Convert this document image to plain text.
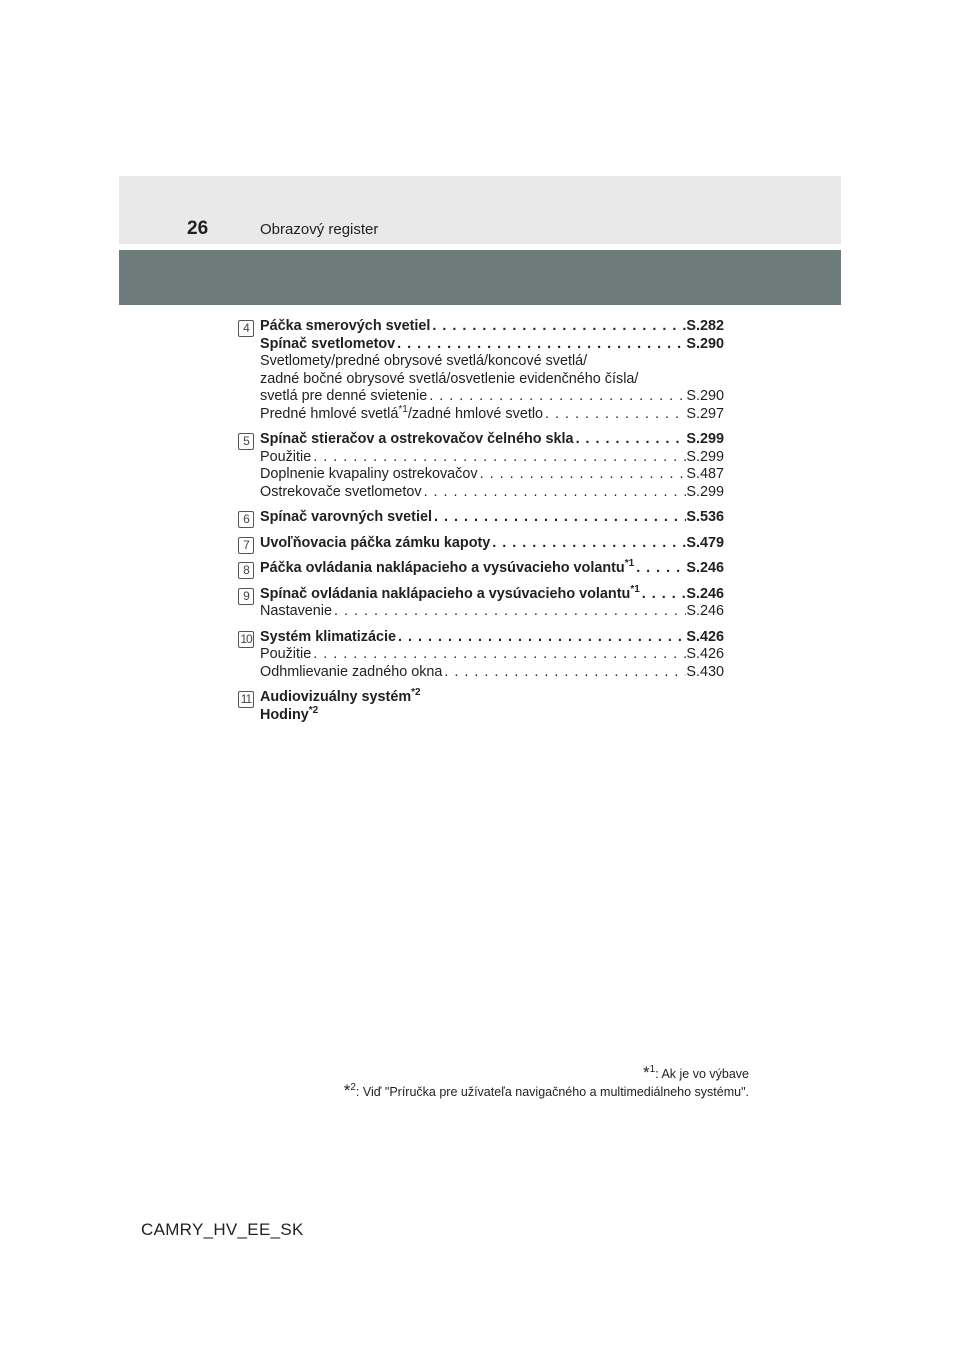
26	Obrazový register
4 Páčka smerových svetiel . . .	S.282
Spínač svetlometov . . .	S.290
Svetlomety/predné obrysové svetlá/koncové svetlá/
zadné bočné obrysové svetlá/osvetlenie evidenčného čísla/
svetlá pre denné svietenie . . .	S.290
Predné hmlové svetlá$^{*1}$/zadné hmlové svetlo . . .	S.297
5 Spínač stieračov a ostrekovačov čelného skla . . .	S.299
Použitie . . .	S.299
Doplnenie kvapaliny ostrekovačov . . .	S.487
Ostrekovače svetlometov . . .	S.299
6 Spínač varovných svetiel . . .	S.536
7 Uvoľňovacia páčka zámku kapoty . . .	S.479
8 Páčka ovládania naklápacieho a vysúvacieho volantu$^{*1}$ . . .	S.246
9 Spínač ovládania naklápacieho a vysúvacieho volantu$^{*1}$ . . .	S.246
Nastavenie . . .	S.246
10 Systém klimatizácie . . .	S.426
Použitie . . .	S.426
Odhmlievanie zadného okna . . .	S.430
11 Audiovizuálny systém$^{*2}$
Hodiny$^{*2}$
*$^1$: Ak je vo výbave
*$^2$: Viď "Príručka pre užívateľa navigačného a multimediálneho systému".
CAMRY_HV_EE_SK
